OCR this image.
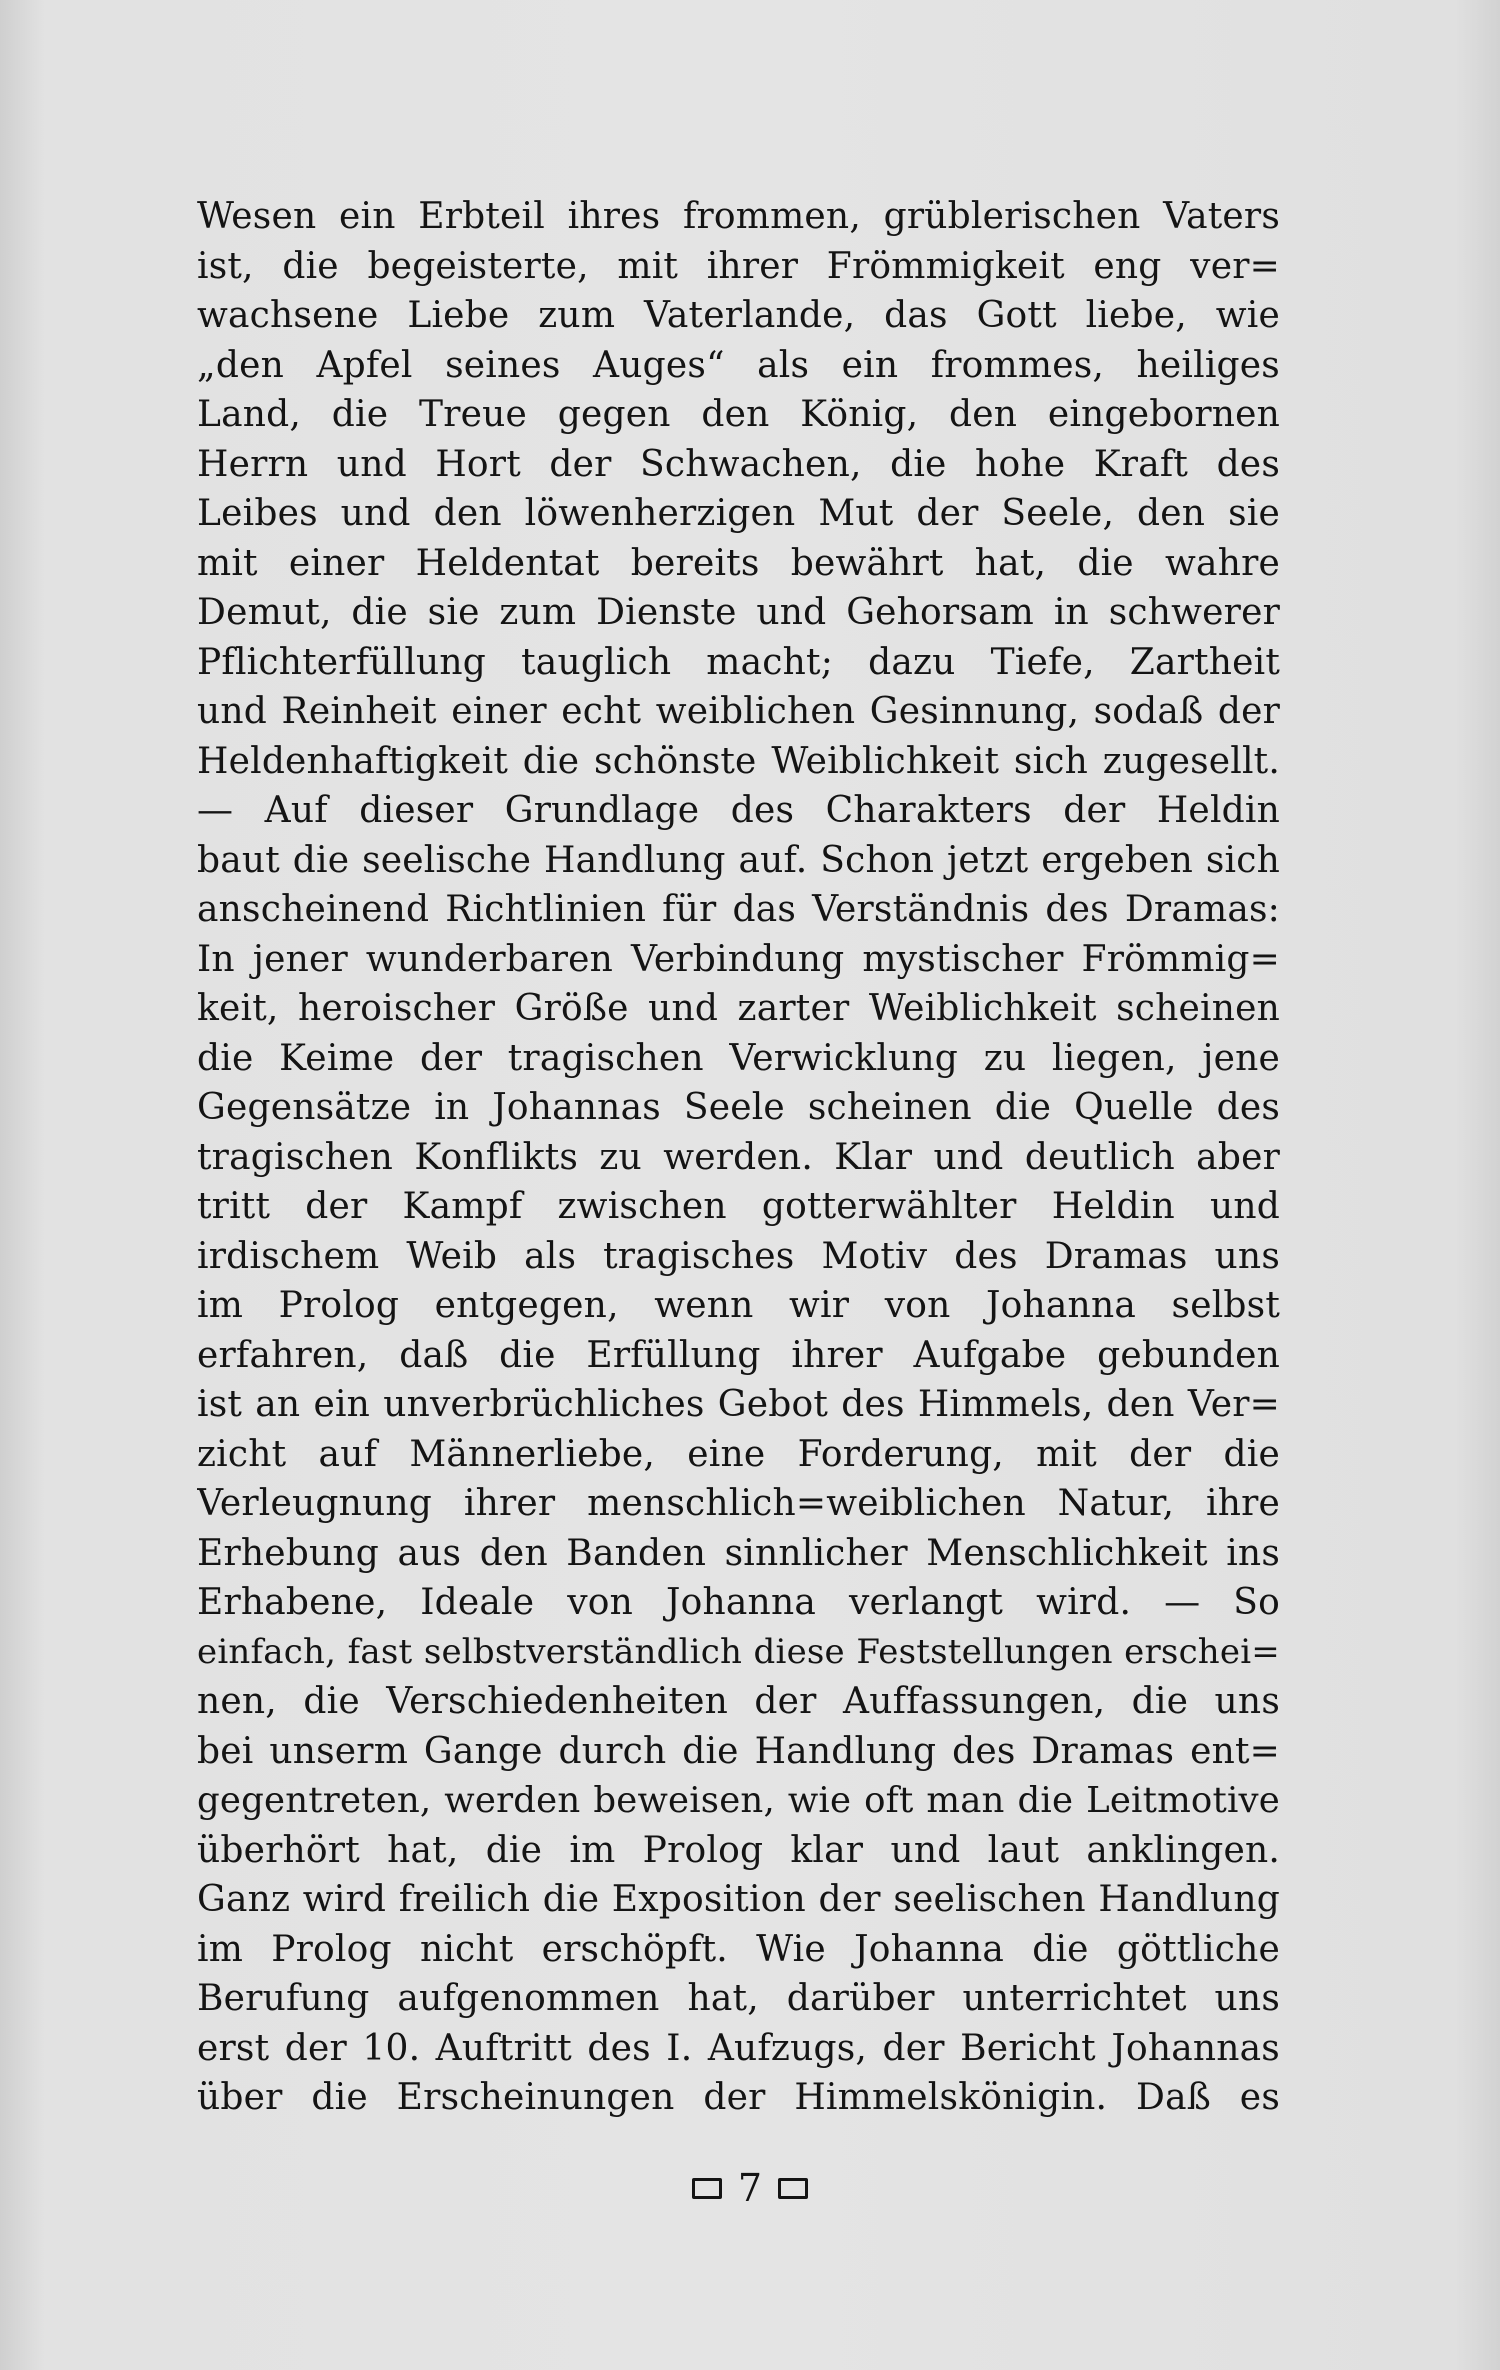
Wesen ein Erbteil ihres frommen, grüblerischen Vaters
ist, die begeisterte, mit ihrer Frömmigkeit eng ver=
wachsene Liebe zum Vaterlande, das Gott liebe, wie
„den Apfel seines Auges“ als ein frommes, heiliges
Land, die Treue gegen den König, den eingebornen
Herrn und Hort der Schwachen, die hohe Kraft des
Leibes und den löwenherzigen Mut der Seele, den sie
mit einer Heldentat bereits bewährt hat, die wahre
Demut, die sie zum Dienste und Gehorsam in schwerer
Pflichterfüllung tauglich macht; dazu Tiefe, Zartheit
und Reinheit einer echt weiblichen Gesinnung, sodaß der
Heldenhaftigkeit die schönste Weiblichkeit sich zugesellt.
— Auf dieser Grundlage des Charakters der Heldin
baut die seelische Handlung auf. Schon jetzt ergeben sich
anscheinend Richtlinien für das Verständnis des Dramas:
In jener wunderbaren Verbindung mystischer Frömmig=
keit, heroischer Größe und zarter Weiblichkeit scheinen
die Keime der tragischen Verwicklung zu liegen, jene
Gegensätze in Johannas Seele scheinen die Quelle des
tragischen Konflikts zu werden. Klar und deutlich aber
tritt der Kampf zwischen gotterwählter Heldin und
irdischem Weib als tragisches Motiv des Dramas uns
im Prolog entgegen, wenn wir von Johanna selbst
erfahren, daß die Erfüllung ihrer Aufgabe gebunden
ist an ein unverbrüchliches Gebot des Himmels, den Ver=
zicht auf Männerliebe, eine Forderung, mit der die
Verleugnung ihrer menschlich=weiblichen Natur, ihre
Erhebung aus den Banden sinnlicher Menschlichkeit ins
Erhabene, Ideale von Johanna verlangt wird. — So
einfach, fast selbstverständlich diese Feststellungen erschei=
nen, die Verschiedenheiten der Auffassungen, die uns
bei unserm Gange durch die Handlung des Dramas ent=
gegentreten, werden beweisen, wie oft man die Leitmotive
überhört hat, die im Prolog klar und laut anklingen.
Ganz wird freilich die Exposition der seelischen Handlung
im Prolog nicht erschöpft. Wie Johanna die göttliche
Berufung aufgenommen hat, darüber unterrichtet uns
erst der 10. Auftritt des I. Aufzugs, der Bericht Johannas
über die Erscheinungen der Himmelskönigin. Daß es
7
